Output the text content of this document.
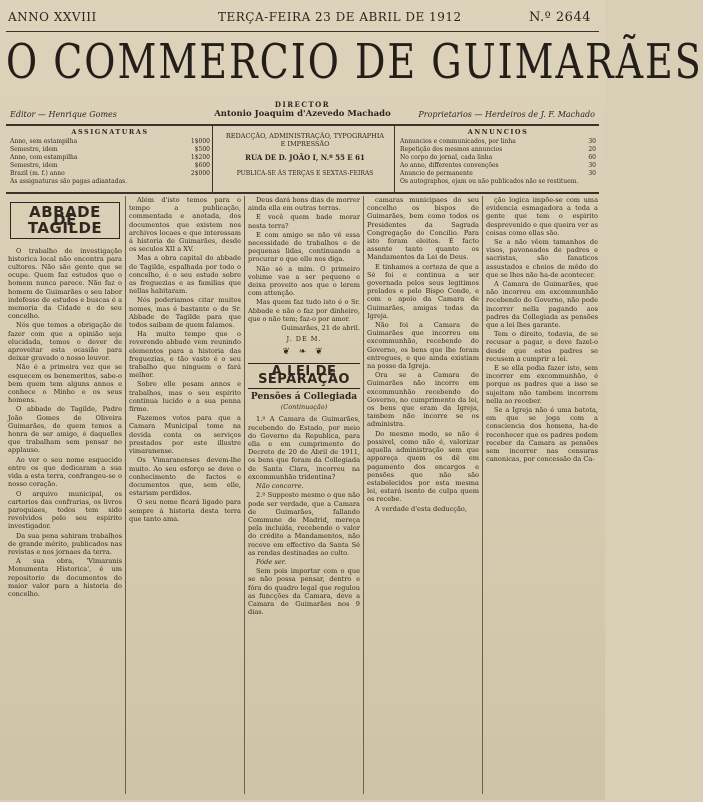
ANNO XXVIII	TERÇA-FEIRA 23 DE ABRIL DE 1912	N.º 2644
O COMMERCIO DE GUIMARÃES
DIRECTOR
Antonio Joaquim d'Azevedo Machado
Editor — Henrique Gomes	Proprietarios — Herdeiros de J. F. Machado
ASSIGNATURAS
Anno, sem estampilha	1$000
Semestre, idem	$500
Anno, com estampilha	1$200
Semestre, idem	$600
Brazil (m. f.) anno	2$000
As assignaturas são pagas adiantadas.
REDACÇÃO, ADMINISTRAÇÃO, TYPOGRAPHIA
E IMPRESSÃO
RUA DE D. JOÃO I, N.º 55 E 61
PUBLICA-SE ÁS TERÇAS E SEXTAS-FEIRAS
ANNUNCIOS
Annuncios e communicados, por linha	30
Repetição dos mesmos annuncios	20
No corpo do jornal, cada linha	60
Ao anno, differentes convenções	30
Anuncio de permanente	30
Os autographos, ejam ou não publicados não se restituem.
ABBADE DE TAGILDE

O trabalho de investigação historica local não encontra para cultores. Não são gente que se ocupe. Quem faz estudos que o homem nunca parece. Não faz o homem de Guimarães o seu labor indefesso de estudos e buscas é a memoria da Cidade e do seu concelho.

Nós que temos a obrigação de fazer com que a opinião seja elucidada, temos o dever de aproveitar esta ocasião para deixar gravado o nosso louvor.

Não é a primeira vez que se esquecem os benemeritos, sabe-o bem quem tem alguns annos e conhece o Minho e os seus homens.

O abbade de Tagilde, Padre João Gomes de Oliveira Guimarães, de quem temos a honra de ser amigo, é daquelles que trabalham sem pensar no applauso.

Ao ver o seu nome esquecido entre os que dedicaram a sua vida a esta terra, confrangeu-se o nosso coração.

O arquivo municipal, os cartorios das confrarias, os livros paroquiaes, todos tem sido revolvidos pelo seu espirito investigador.

Da sua pena sahiram trabalhos de grande mérito, publicados nas revistas e nos jornaes da terra.

A sua obra, 'Vimaranis Monumenta Historica', é um repositorio de documentos do maior valor para a historia do concelho.

Além d'isto temos para o tempo a publicação, commentada e anotada, dos documentos que existem nos archivos locaes e que interessam á historia de Guimarães, desde os seculos XII a XV.

Mas a obra capital do abbade de Tagilde, espalhada por todo o concelho, é o seu estudo sobre as freguezias e as familias que nellas habitaram.

Nós poderiamos citar muitos nomes, mas é bastante o do Sr. Abbade de Tagilde para que todos saibam de quem falamos.

Ha muito tempo que o reverendo abbade vem reunindo elementos para a historia das freguezias, e tão vasto é o seu trabalho que ninguem o fará melhor.

Sobre elle pesam annos e trabalhos, mas o seu espirito continua lucido e a sua penna firme.

Fazemos votos para que a Camara Municipal tome na devida conta os serviços prestados por este illustre vimaranense.

Os Vimaranenses devem-lhe muito. Ao seu esforço se deve o conhecimento de factos e documentos que, sem elle, estariam perdidos.

O seu nome ficará ligado para sempre á historia desta terra que tanto ama.

Deus dará bons dias de morrer ainda ella em outras terras.

E você quem bade morar nesta terra?

E com amigo se não vê essa necessidade de trabalhos e de pequenas lidas, continuando a procurar o que elle nos diga.

Não só a mim. O primeiro volume vae a ser pequeno e deixa proveito aos que o lerem com attenção.

Mas quem faz tudo isto é o Sr. Abbade e não o faz por dinheiro, que o não tem; faz-o por amor.

Guimarães, 21 de abril.

J. DE M.
❦ ❧ ❦
A LEI DE SEPARAÇÃO
Pensões á Collegiada
(Continuação)

1.º A Camara de Guimarães, recebendo do Estado, por meio do Governo da Republica, para ella e em cumprimento do Decreto de 20 de Abril de 1911, os bens que foram da Collegiada de Santa Clara, incorreu na excommunhão tridentina?

Não concorre.

2.º Supposto mesmo o que não pode ser verdade, que a Camara de Guimarães, fallando Commune de Madrid, mereça pela incluída, recebendo o valor do crédito a Mandamentos, não receve em effectivo da Santa Sé as rendas destinadas ao culto.

Póde ser.

Sem pois importar com o que se não possa pensar, dentro e fóra do quadro legal que regulou as funcções da Camara, deve a Camara de Guimarães nos 9 dias.

camaras municipaes do seu concelho os bispos de Guimarães, bem como todos os Presidentes da Sagrada Congregação do Concilio. Para isto foram eleitos. É facto assente tanto quanto os Mandamentos da Lei de Deus.

E tinhamos a certeza de que a Sé foi e continua a ser governada pelos seus legitimos prelados e pelo Bispo Conde, e com o apoio da Camara de Guimarães, amigas todas da Igreja.

Não foi a Camara de Guimarães que incorreu em excommunhão, recebendo do Governo, os bens que lhe foram entregues, e que ainda existiam na posse da Igreja.

Ora se a Camara de Guimarães não incorre em excommunhão recebendo do Governo, no cumprimento da lei, os bens que eram da Igreja, tambem não incorre se os administra.

Do mesmo modo, se não é possivel, como não é, valorizar aquella administração sem que appareça quem os dê em pagamento dos encargos e pensões que não são estabelecidos por esta mesma lei, estará isento de culpa quem os recebe.

A verdade d'esta deducção,

ção logica impõe-se com uma evidencia esmagadora a toda a gente que tem o espirito desprevenido e que queira ver as coisas como ellas são.

Se a não vêem tamanhos de visos, pavoneados de padres e sacristas, são fanaticos assustados e cheios de mêdo do que se lhes não ha-de acontecer.

A Camara de Guimarães, que não incorreu em excommunhão recebendo do Governo, não pode incorrer nella pagando aos padres da Collegiada as pensões que a lei lhes garante.

Tem o direito, todavia, de se recusar a pagar, e deve fazel-o desde que estes padres se recusem a cumprir a lei.

E se ella podia fazer isto, sem incorrer em excommunhão, é porque os padres que a isso se sujeitam não tambem incorrem nella ao receber.

Se a Igreja não é uma batota, em que se joga com a consciencia dos homens, ha-de reconhecer que os padres podem receber da Camara as pensões sem incorrer nas censuras canonicas, por concessão da Ca-
